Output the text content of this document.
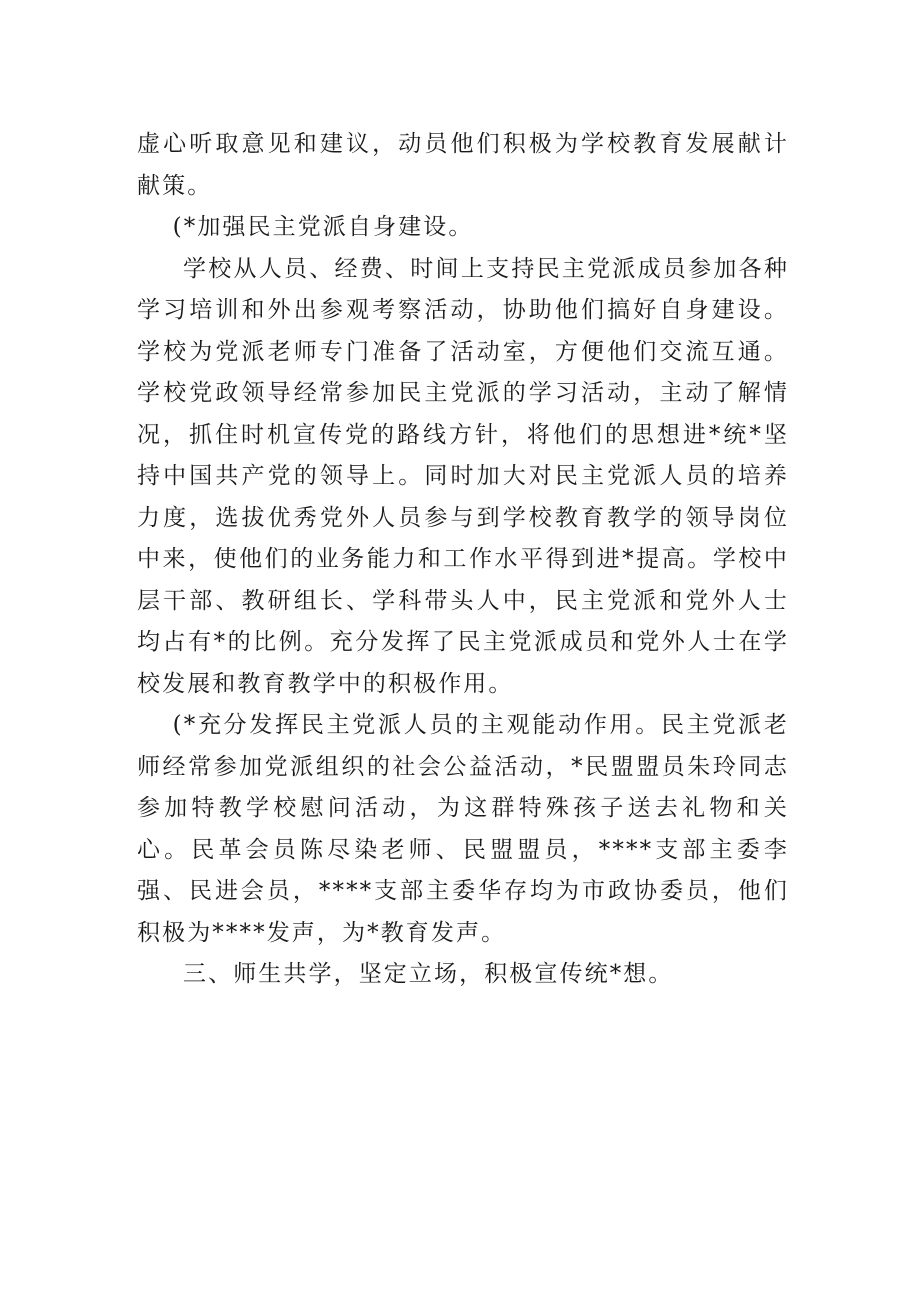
虚心听取意见和建议，动员他们积极为学校教育发展献计献策。

(*加强民主党派自身建设。

学校从人员、经费、时间上支持民主党派成员参加各种学习培训和外出参观考察活动，协助他们搞好自身建设。学校为党派老师专门准备了活动室，方便他们交流互通。学校党政领导经常参加民主党派的学习活动，主动了解情况，抓住时机宣传党的路线方针，将他们的思想进*统*坚持中国共产党的领导上。同时加大对民主党派人员的培养力度，选拔优秀党外人员参与到学校教育教学的领导岗位中来，使他们的业务能力和工作水平得到进*提高。学校中层干部、教研组长、学科带头人中，民主党派和党外人士均占有*的比例。充分发挥了民主党派成员和党外人士在学校发展和教育教学中的积极作用。

(*充分发挥民主党派人员的主观能动作用。民主党派老师经常参加党派组织的社会公益活动，*民盟盟员朱玲同志参加特教学校慰问活动，为这群特殊孩子送去礼物和关心。民革会员陈尽染老师、民盟盟员，****支部主委李强、民进会员，****支部主委华存均为市政协委员，他们积极为****发声，为*教育发声。

三、师生共学，坚定立场，积极宣传统*想。
